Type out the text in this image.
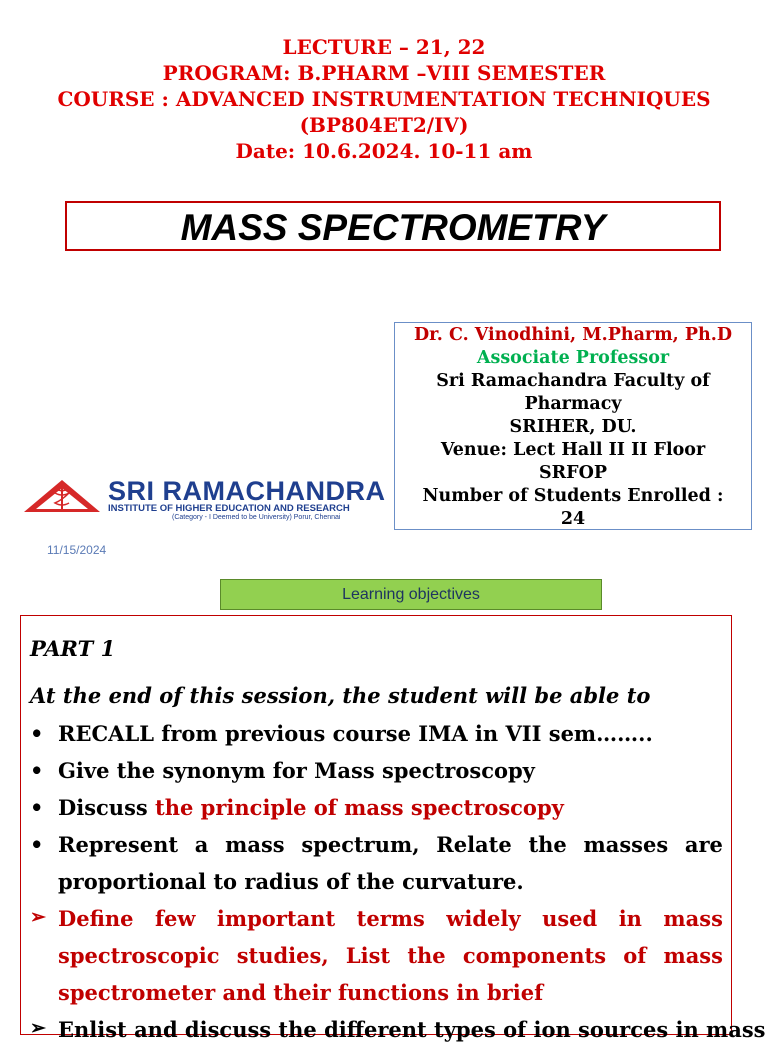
LECTURE – 21, 22
PROGRAM: B.PHARM –VIII SEMESTER
COURSE : ADVANCED INSTRUMENTATION TECHNIQUES
(BP804ET2/IV)
Date: 10.6.2024. 10-11 am
MASS SPECTROMETRY
Dr. C. Vinodhini, M.Pharm, Ph.D
Associate Professor
Sri Ramachandra Faculty of
Pharmacy
SRIHER, DU.
Venue: Lect Hall II II Floor
SRFOP
Number of Students Enrolled :
24
SRI RAMACHANDRA
INSTITUTE OF HIGHER EDUCATION AND RESEARCH
(Category - I Deemed to be University) Porur, Chennai
11/15/2024
Learning objectives
PART 1
At the end of this session, the student will be able to
• RECALL from previous course IMA in VII sem……..
• Give the synonym for Mass spectroscopy
• Discuss the principle of mass spectroscopy
• Represent a mass spectrum, Relate the masses are
proportional to radius of the curvature.
➢ Define few important terms widely used in mass
spectroscopic studies, List the components of mass
spectrometer and their functions in brief
➢ Enlist and discuss the different types of ion sources in mass
